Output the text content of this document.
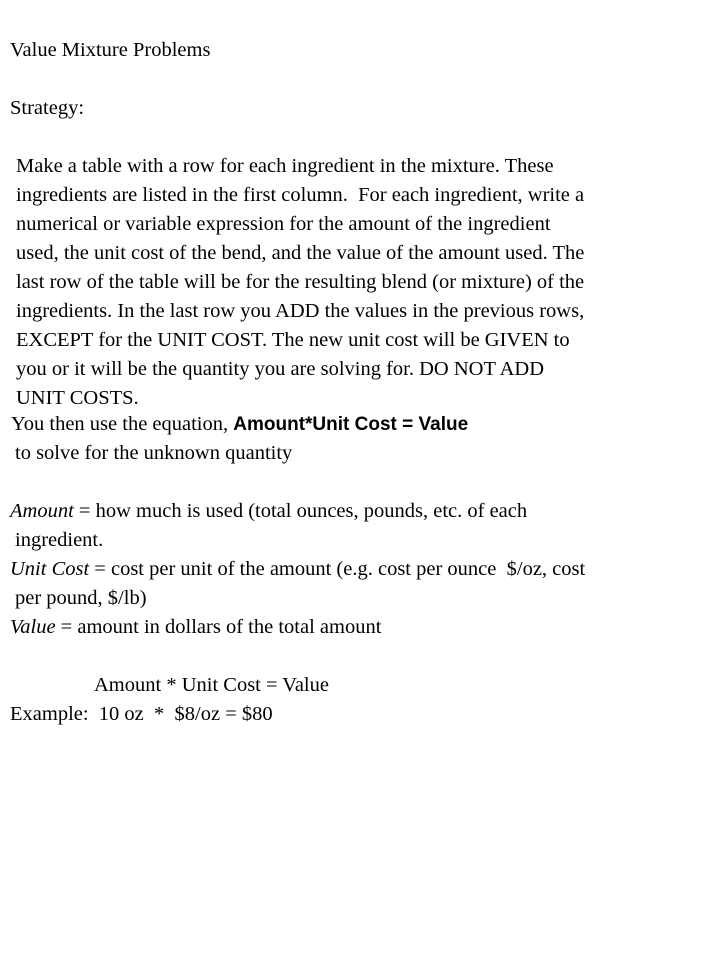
Value Mixture Problems
Strategy:
Make a table with a row for each ingredient in the mixture. These
ingredients are listed in the first column.  For each ingredient, write a
numerical or variable expression for the amount of the ingredient
used, the unit cost of the bend, and the value of the amount used. The
last row of the table will be for the resulting blend (or mixture) of the
ingredients. In the last row you ADD the values in the previous rows,
EXCEPT for the UNIT COST. The new unit cost will be GIVEN to
you or it will be the quantity you are solving for. DO NOT ADD
UNIT COSTS.
You then use the equation, Amount*Unit Cost = Value
to solve for the unknown quantity
Amount = how much is used (total ounces, pounds, etc. of each
ingredient.
Unit Cost = cost per unit of the amount (e.g. cost per ounce  $/oz, cost
per pound, $/lb)
Value = amount in dollars of the total amount
Amount * Unit Cost = Value
Example:  10 oz  *  $8/oz = $80
